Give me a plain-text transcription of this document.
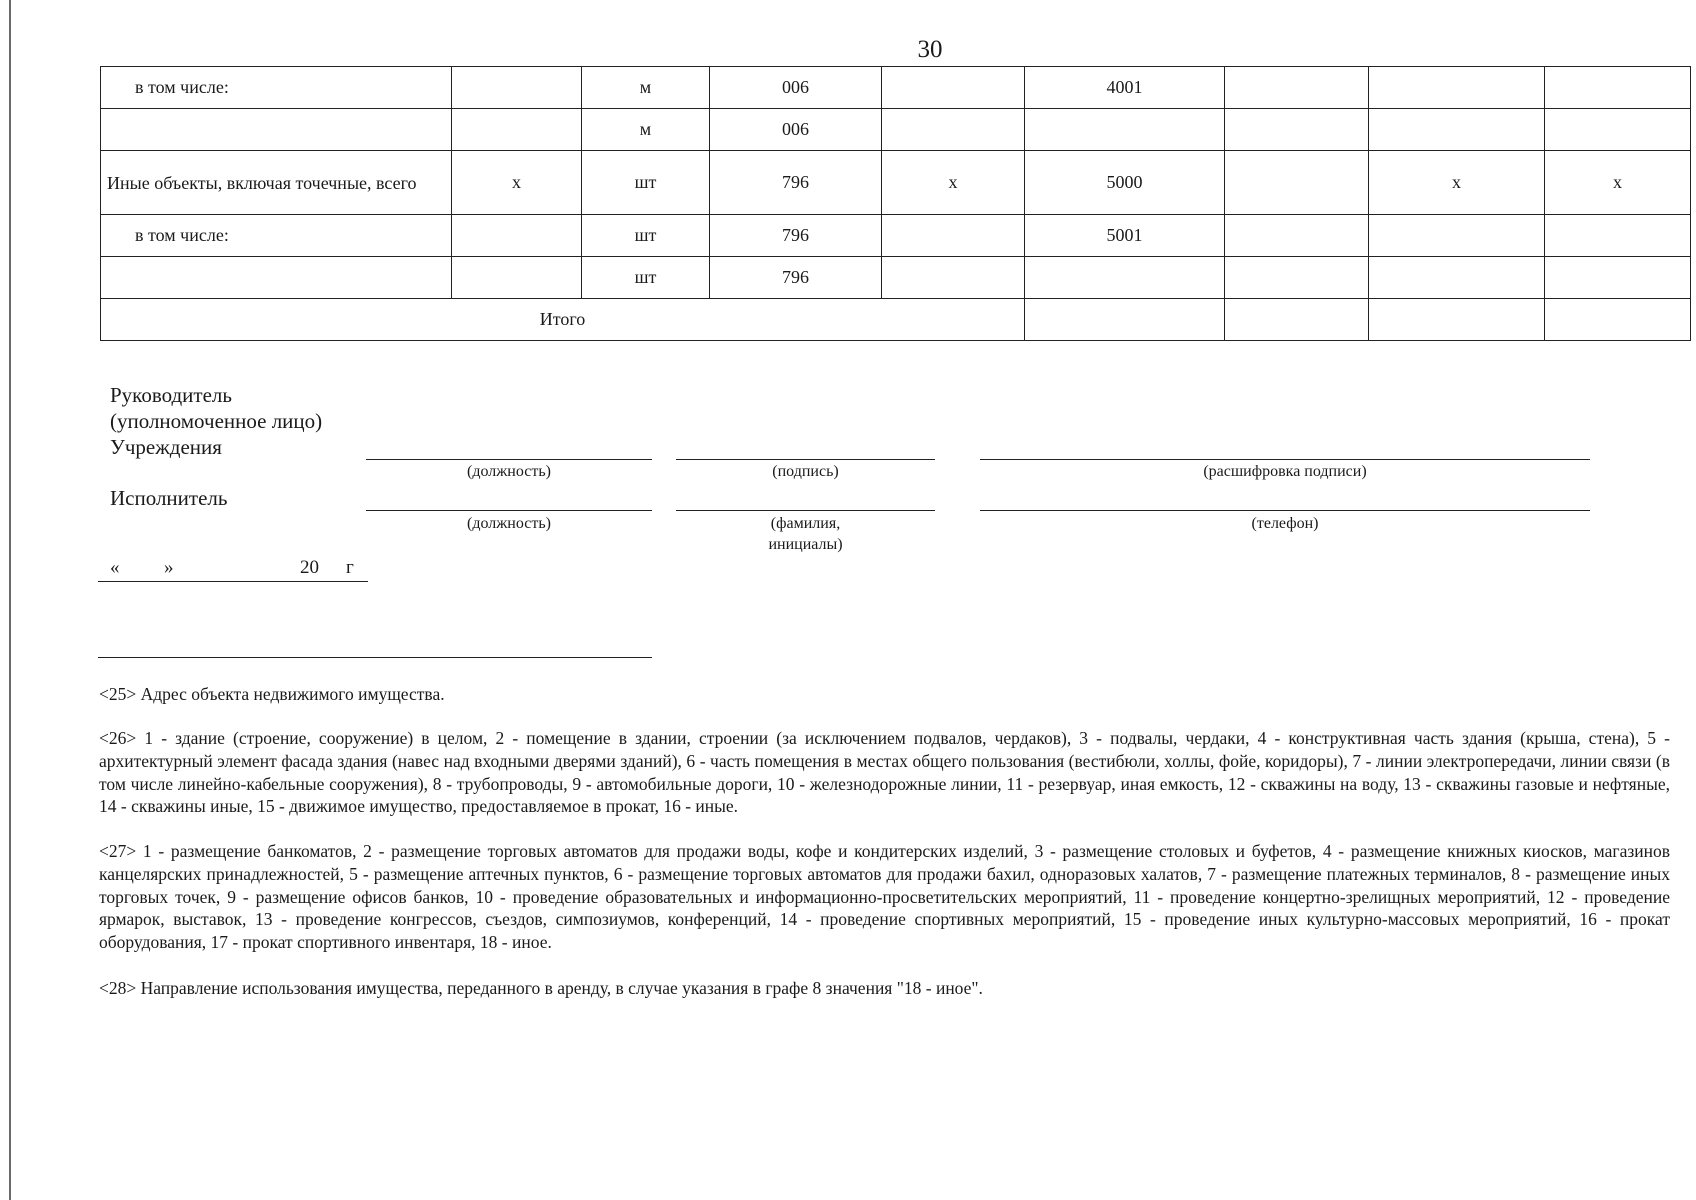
30
в том числе:		м	006		4001			
		м	006					
Иные объекты, включая точечные, всего	х	шт	796	х	5000		х	х
в том числе:		шт	796		5001			
		шт	796					
Итого								
Руководитель
(уполномоченное лицо)
Учреждения
(должность)	(подпись)	(расшифровка подписи)
Исполнитель
(должность)	(фамилия,
инициалы)
(телефон)
« »	20 г
<25> Адрес объекта недвижимого имущества.
<26> 1 - здание (строение, сооружение) в целом, 2 - помещение в здании, строении (за исключением подвалов, чердаков), 3 - подвалы, чердаки, 4 - конструктивная часть здания (крыша, стена), 5 - архитектурный элемент фасада здания (навес над входными дверями зданий), 6 - часть помещения в местах общего пользования (вестибюли, холлы, фойе, коридоры), 7 - линии электропередачи, линии связи (в том числе линейно-кабельные сооружения), 8 - трубопроводы, 9 - автомобильные дороги, 10 - железнодорожные линии, 11 - резервуар, иная емкость, 12 - скважины на воду, 13 - скважины газовые и нефтяные, 14 - скважины иные, 15 - движимое имущество, предоставляемое в прокат, 16 - иные.
<27> 1 - размещение банкоматов, 2 - размещение торговых автоматов для продажи воды, кофе и кондитерских изделий, 3 - размещение столовых и буфетов, 4 - размещение книжных киосков, магазинов канцелярских принадлежностей, 5 - размещение аптечных пунктов, 6 - размещение торговых автоматов для продажи бахил, одноразовых халатов, 7 - размещение платежных терминалов, 8 - размещение иных торговых точек, 9 - размещение офисов банков, 10 - проведение образовательных и информационно-просветительских мероприятий, 11 - проведение концертно-зрелищных мероприятий, 12 - проведение ярмарок, выставок, 13 - проведение конгрессов, съездов, симпозиумов, конференций, 14 - проведение спортивных мероприятий, 15 - проведение иных культурно-массовых мероприятий, 16 - прокат оборудования, 17 - прокат спортивного инвентаря, 18 - иное.
<28> Направление использования имущества, переданного в аренду, в случае указания в графе 8 значения "18 - иное".
